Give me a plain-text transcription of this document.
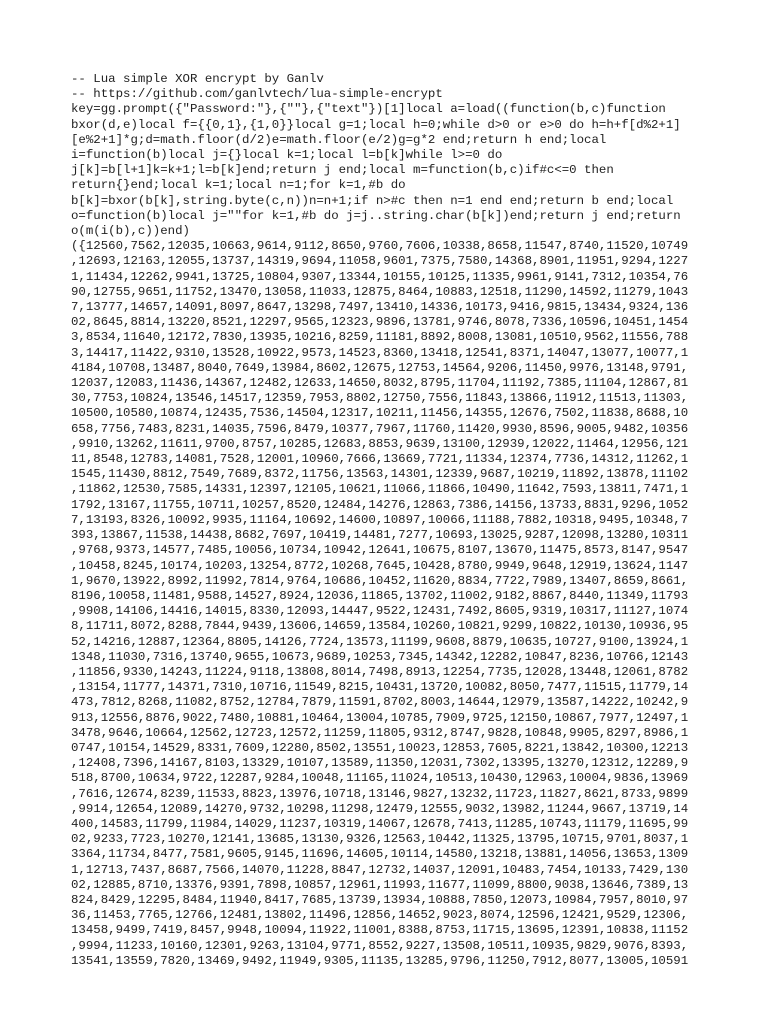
-- Lua simple XOR encrypt by Ganlv
-- https://github.com/ganlvtech/lua-simple-encrypt
key=gg.prompt({"Password:"},{""},{"text"})[1]local a=load((function(b,c)function
bxor(d,e)local f={{0,1},{1,0}}local g=1;local h=0;while d>0 or e>0 do h=h+f[d%2+1]
[e%2+1]*g;d=math.floor(d/2)e=math.floor(e/2)g=g*2 end;return h end;local
i=function(b)local j={}local k=1;local l=b[k]while l>=0 do
j[k]=b[l+1]k=k+1;l=b[k]end;return j end;local m=function(b,c)if#c<=0 then
return{}end;local k=1;local n=1;for k=1,#b do
b[k]=bxor(b[k],string.byte(c,n))n=n+1;if n>#c then n=1 end end;return b end;local
o=function(b)local j=""for k=1,#b do j=j..string.char(b[k])end;return j end;return
o(m(i(b),c))end)
({12560,7562,12035,10663,9614,9112,8650,9760,7606,10338,8658,11547,8740,11520,10749
,12693,12163,12055,13737,14319,9694,11058,9601,7375,7580,14368,8901,11951,9294,1227
1,11434,12262,9941,13725,10804,9307,13344,10155,10125,11335,9961,9141,7312,10354,76
90,12755,9651,11752,13470,13058,11033,12875,8464,10883,12518,11290,14592,11279,1043
7,13777,14657,14091,8097,8647,13298,7497,13410,14336,10173,9416,9815,13434,9324,136
02,8645,8814,13220,8521,12297,9565,12323,9896,13781,9746,8078,7336,10596,10451,1454
3,8534,11640,12172,7830,13935,10216,8259,11181,8892,8008,13081,10510,9562,11556,788
3,14417,11422,9310,13528,10922,9573,14523,8360,13418,12541,8371,14047,13077,10077,1
4184,10708,13487,8040,7649,13984,8602,12675,12753,14564,9206,11450,9976,13148,9791,
12037,12083,11436,14367,12482,12633,14650,8032,8795,11704,11192,7385,11104,12867,81
30,7753,10824,13546,14517,12359,7953,8802,12750,7556,11843,13866,11912,11513,11303,
10500,10580,10874,12435,7536,14504,12317,10211,11456,14355,12676,7502,11838,8688,10
658,7756,7483,8231,14035,7596,8479,10377,7967,11760,11420,9930,8596,9005,9482,10356
,9910,13262,11611,9700,8757,10285,12683,8853,9639,13100,12939,12022,11464,12956,121
11,8548,12783,14081,7528,12001,10960,7666,13669,7721,11334,12374,7736,14312,11262,1
1545,11430,8812,7549,7689,8372,11756,13563,14301,12339,9687,10219,11892,13878,11102
,11862,12530,7585,14331,12397,12105,10621,11066,11866,10490,11642,7593,13811,7471,1
1792,13167,11755,10711,10257,8520,12484,14276,12863,7386,14156,13733,8831,9296,1052
7,13193,8326,10092,9935,11164,10692,14600,10897,10066,11188,7882,10318,9495,10348,7
393,13867,11538,14438,8682,7697,10419,14481,7277,10693,13025,9287,12098,13280,10311
,9768,9373,14577,7485,10056,10734,10942,12641,10675,8107,13670,11475,8573,8147,9547
,10458,8245,10174,10203,13254,8772,10268,7645,10428,8780,9949,9648,12919,13624,1147
1,9670,13922,8992,11992,7814,9764,10686,10452,11620,8834,7722,7989,13407,8659,8661,
8196,10058,11481,9588,14527,8924,12036,11865,13702,11002,9182,8867,8440,11349,11793
,9908,14106,14416,14015,8330,12093,14447,9522,12431,7492,8605,9319,10317,11127,1074
8,11711,8072,8288,7844,9439,13606,14659,13584,10260,10821,9299,10822,10130,10936,95
52,14216,12887,12364,8805,14126,7724,13573,11199,9608,8879,10635,10727,9100,13924,1
1348,11030,7316,13740,9655,10673,9689,10253,7345,14342,12282,10847,8236,10766,12143
,11856,9330,14243,11224,9118,13808,8014,7498,8913,12254,7735,12028,13448,12061,8782
,13154,11777,14371,7310,10716,11549,8215,10431,13720,10082,8050,7477,11515,11779,14
473,7812,8268,11082,8752,12784,7879,11591,8702,8003,14644,12979,13587,14222,10242,9
913,12556,8876,9022,7480,10881,10464,13004,10785,7909,9725,12150,10867,7977,12497,1
3478,9646,10664,12562,12723,12572,11259,11805,9312,8747,9828,10848,9905,8297,8986,1
0747,10154,14529,8331,7609,12280,8502,13551,10023,12853,7605,8221,13842,10300,12213
,12408,7396,14167,8103,13329,10107,13589,11350,12031,7302,13395,13270,12312,12289,9
518,8700,10634,9722,12287,9284,10048,11165,11024,10513,10430,12963,10004,9836,13969
,7616,12674,8239,11533,8823,13976,10718,13146,9827,13232,11723,11827,8621,8733,9899
,9914,12654,12089,14270,9732,10298,11298,12479,12555,9032,13982,11244,9667,13719,14
400,14583,11799,11984,14029,11237,10319,14067,12678,7413,11285,10743,11179,11695,99
02,9233,7723,10270,12141,13685,13130,9326,12563,10442,11325,13795,10715,9701,8037,1
3364,11734,8477,7581,9605,9145,11696,14605,10114,14580,13218,13881,14056,13653,1309
1,12713,7437,8687,7566,14070,11228,8847,12732,14037,12091,10483,7454,10133,7429,130
02,12885,8710,13376,9391,7898,10857,12961,11993,11677,11099,8800,9038,13646,7389,13
824,8429,12295,8484,11940,8417,7685,13739,13934,10888,7850,12073,10984,7957,8010,97
36,11453,7765,12766,12481,13802,11496,12856,14652,9023,8074,12596,12421,9529,12306,
13458,9499,7419,8457,9948,10094,11922,11001,8388,8753,11715,13695,12391,10838,11152
,9994,11233,10160,12301,9263,13104,9771,8552,9227,13508,10511,10935,9829,9076,8393,
13541,13559,7820,13469,9492,11949,9305,11135,13285,9796,11250,7912,8077,13005,10591
